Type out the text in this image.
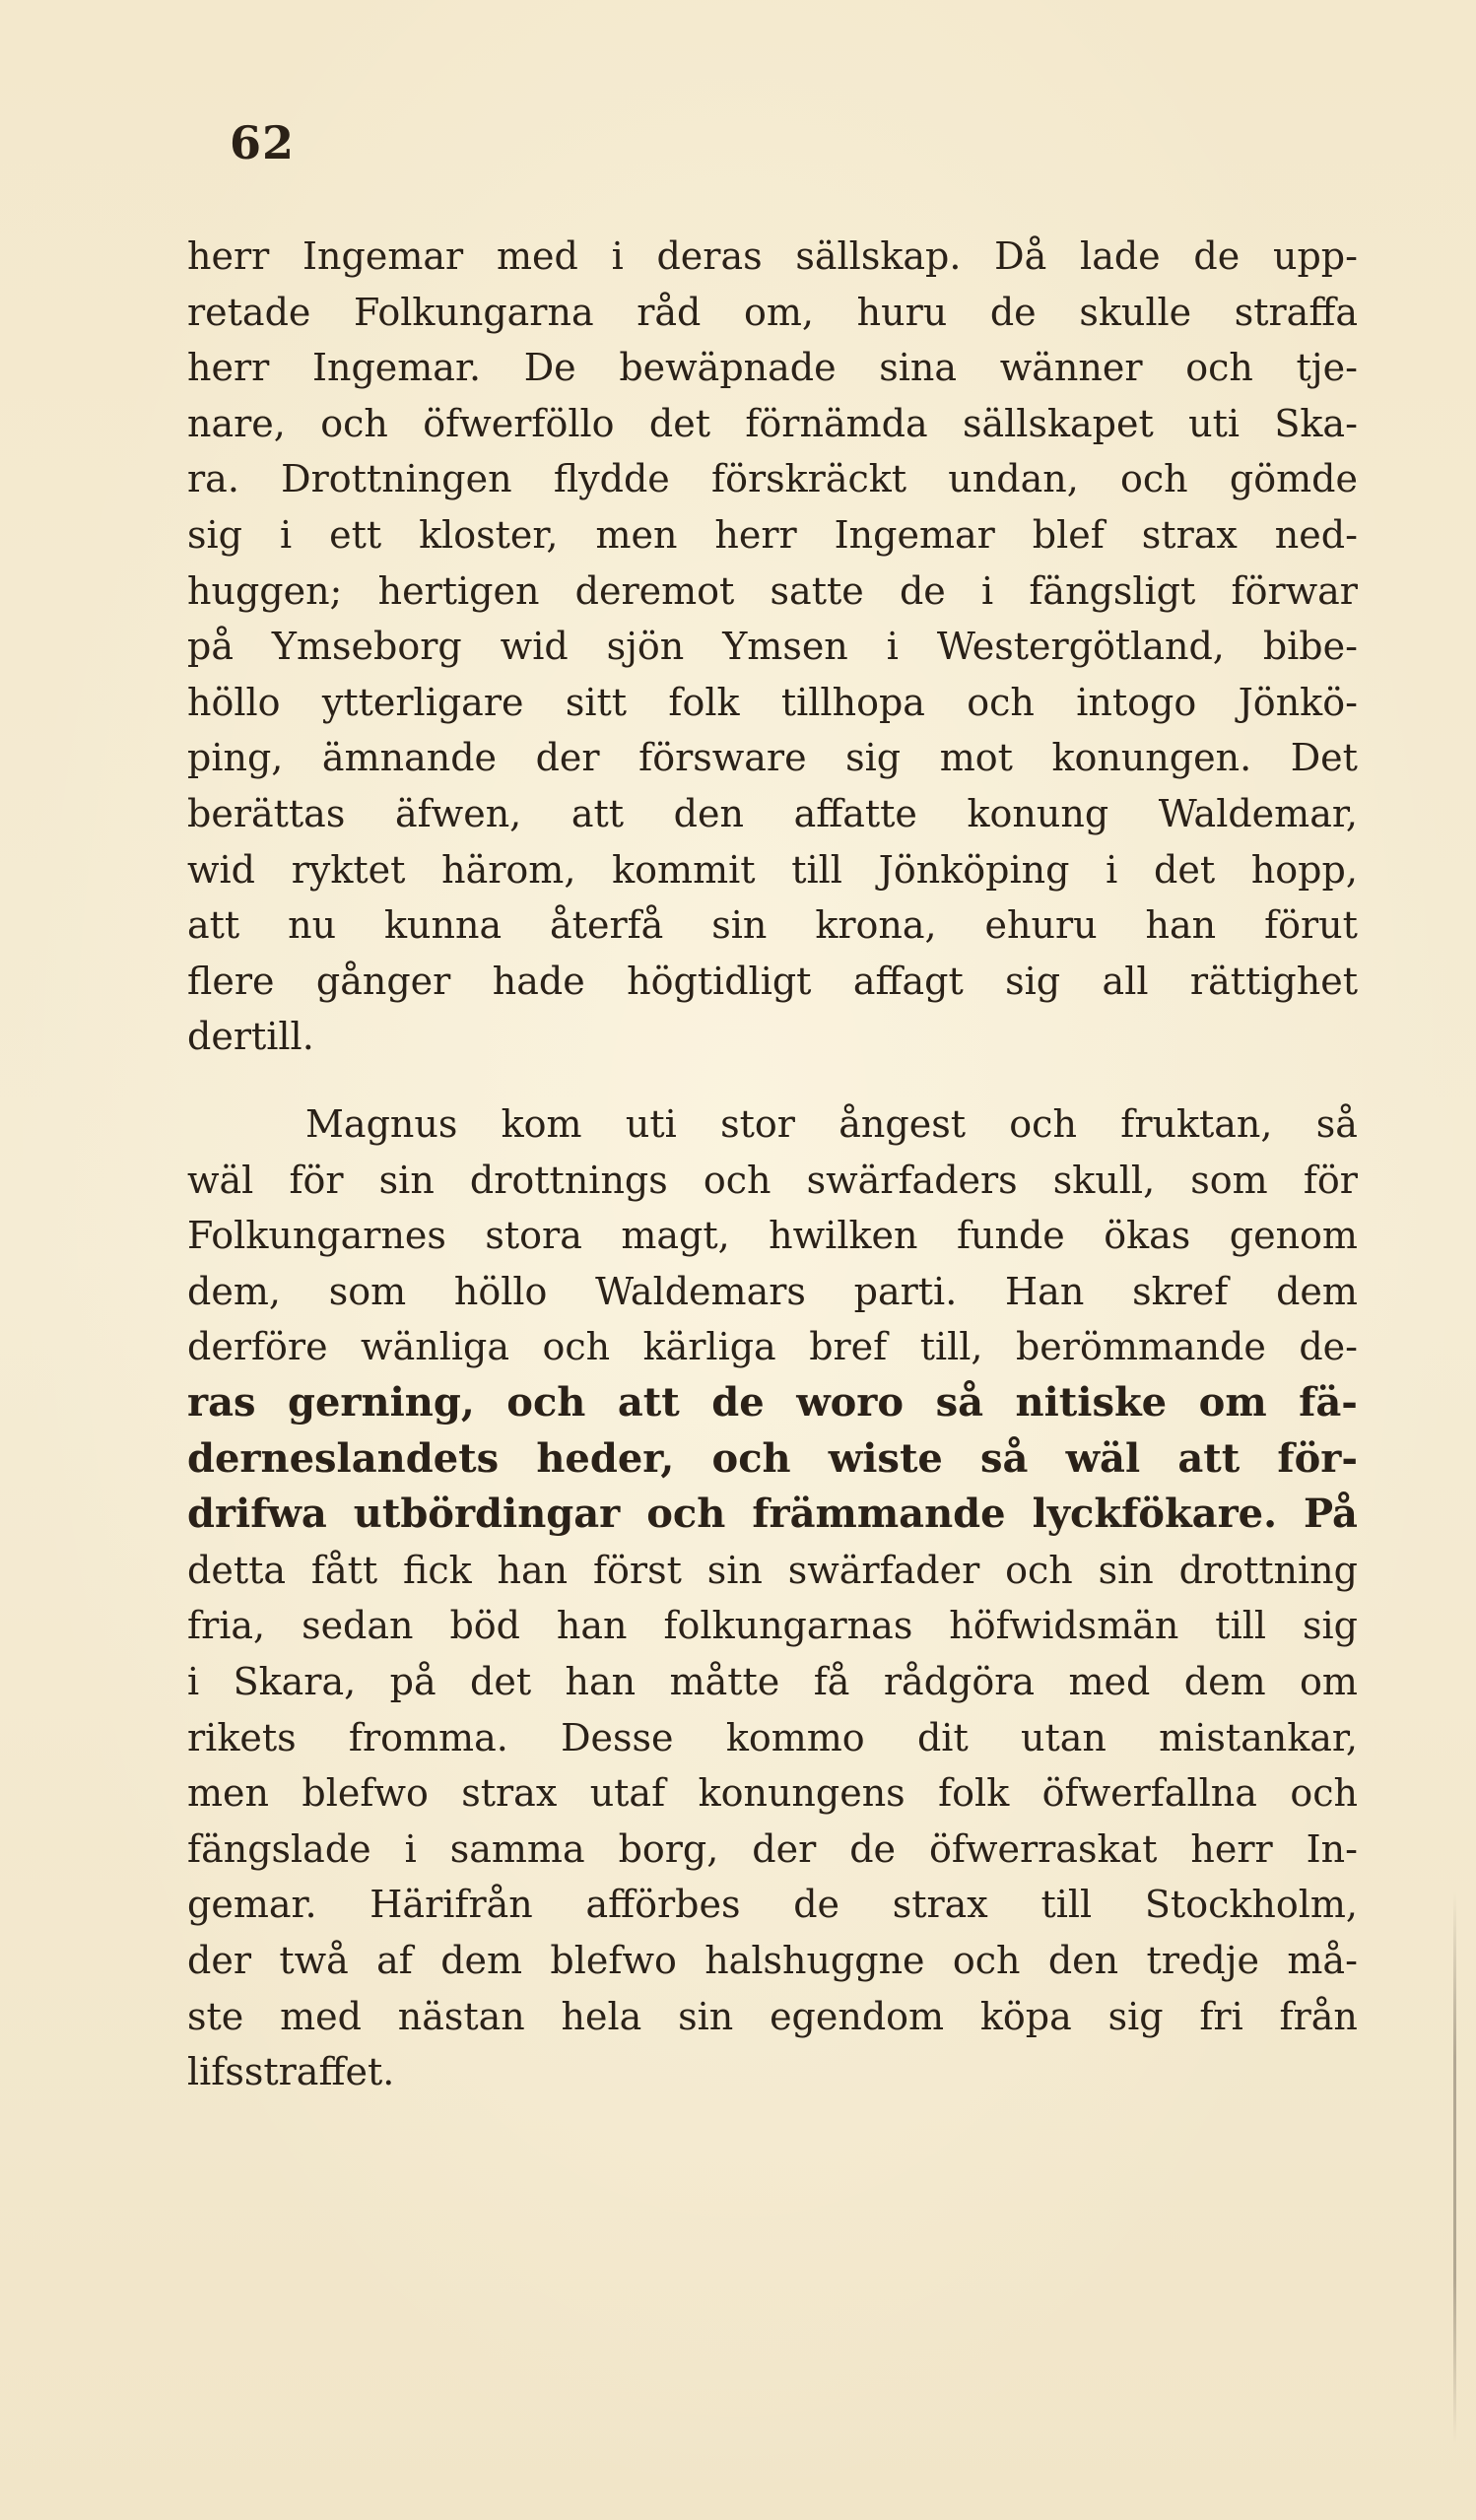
62
herr Ingemar med i deras sällskap. Då lade de upp-
retade Folkungarna råd om, huru de skulle straffa
herr Ingemar. De bewäpnade sina wänner och tje-
nare, och öfwerföllo det förnämda sällskapet uti Ska-
ra. Drottningen flydde förskräckt undan, och gömde
sig i ett kloster, men herr Ingemar blef strax ned-
huggen; hertigen deremot satte de i fängsligt förwar
på Ymseborg wid sjön Ymsen i Westergötland, bibe-
höllo ytterligare sitt folk tillhopa och intogo Jönkö-
ping, ämnande der försware sig mot konungen. Det
berättas äfwen, att den affatte konung Waldemar,
wid ryktet härom, kommit till Jönköping i det hopp,
att nu kunna återfå sin krona, ehuru han förut
flere gånger hade högtidligt affagt sig all rättighet
dertill.
Magnus kom uti stor ångest och fruktan, så
wäl för sin drottnings och swärfaders skull, som för
Folkungarnes stora magt, hwilken funde ökas genom
dem, som höllo Waldemars parti. Han skref dem
derföre wänliga och kärliga bref till, berömmande de-
ras gerning, och att de woro så nitiske om fä-
derneslandets heder, och wiste så wäl att för-
drifwa utbördingar och främmande lyckfökare. På
detta fått fick han först sin swärfader och sin drottning
fria, sedan böd han folkungarnas höfwidsmän till sig
i Skara, på det han måtte få rådgöra med dem om
rikets fromma. Desse kommo dit utan mistankar,
men blefwo strax utaf konungens folk öfwerfallna och
fängslade i samma borg, der de öfwerraskat herr In-
gemar. Härifrån afförbes de strax till Stockholm,
der twå af dem blefwo halshuggne och den tredje må-
ste med nästan hela sin egendom köpa sig fri från
lifsstraffet.
